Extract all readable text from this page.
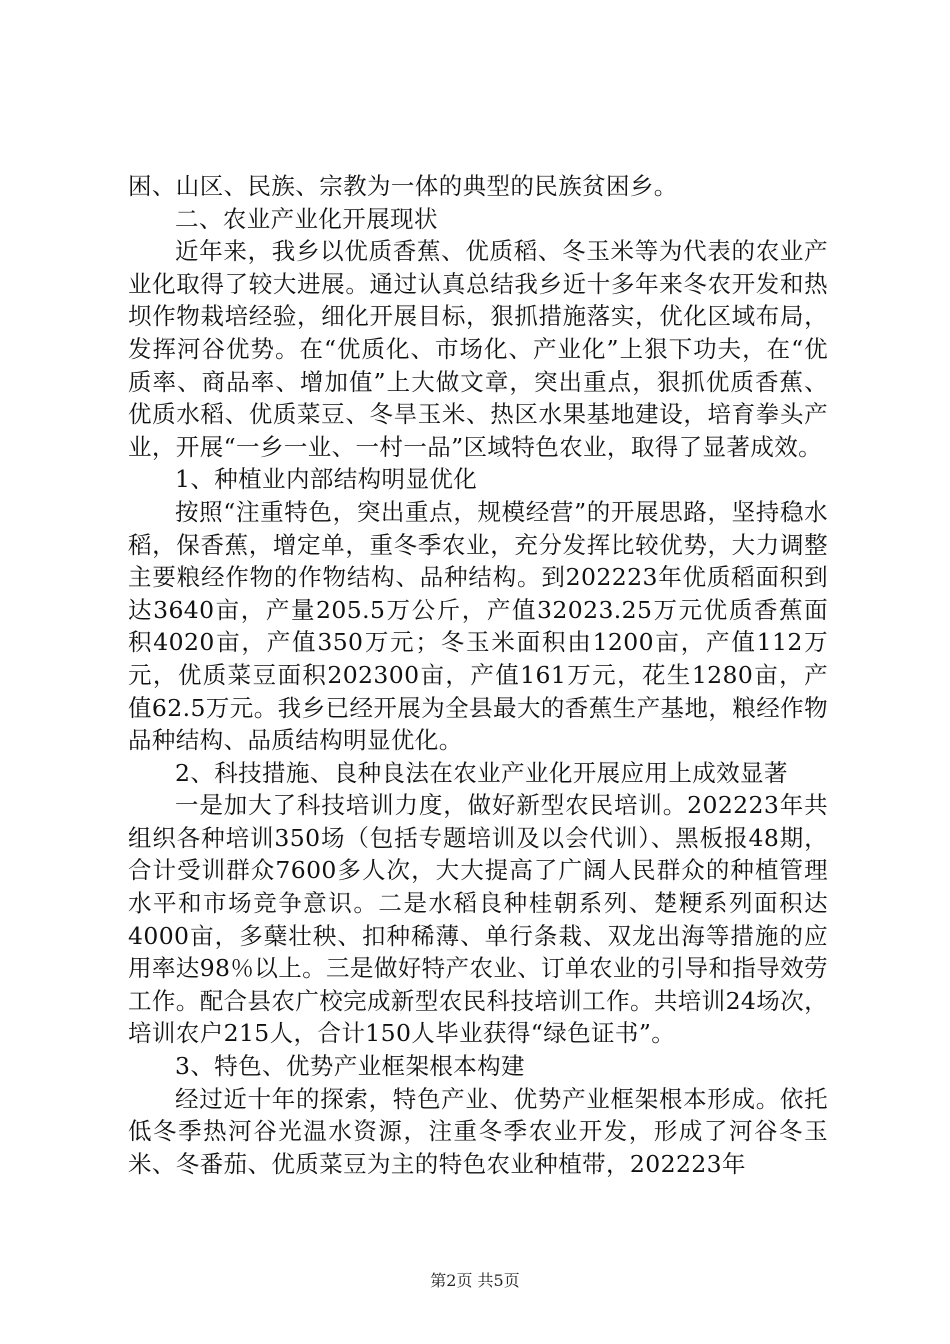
困、山区、民族、宗教为一体的典型的民族贫困乡。

二、农业产业化开展现状

近年来，我乡以优质香蕉、优质稻、冬玉米等为代表的农业产业化取得了较大进展。通过认真总结我乡近十多年来冬农开发和热坝作物栽培经验，细化开展目标，狠抓措施落实，优化区域布局，发挥河谷优势。在“优质化、市场化、产业化”上狠下功夫，在“优质率、商品率、增加值”上大做文章，突出重点，狠抓优质香蕉、优质水稻、优质菜豆、冬旱玉米、热区水果基地建设，培育拳头产业，开展“一乡一业、一村一品”区域特色农业，取得了显著成效。

1、种植业内部结构明显优化

按照“注重特色，突出重点，规模经营”的开展思路，坚持稳水稻，保香蕉，增定单，重冬季农业，充分发挥比较优势，大力调整主要粮经作物的作物结构、品种结构。到202223年优质稻面积到达3640亩，产量205.5万公斤，产值32023.25万元优质香蕉面积4020亩，产值350万元；冬玉米面积由1200亩，产值112万元，优质菜豆面积202300亩，产值161万元，花生1280亩，产值62.5万元。我乡已经开展为全县最大的香蕉生产基地，粮经作物品种结构、品质结构明显优化。

2、科技措施、良种良法在农业产业化开展应用上成效显著

一是加大了科技培训力度，做好新型农民培训。202223年共组织各种培训350场（包括专题培训及以会代训）、黑板报48期，合计受训群众7600多人次，大大提高了广阔人民群众的种植管理水平和市场竞争意识。二是水稻良种桂朝系列、楚粳系列面积达4000亩，多蘖壮秧、扣种稀薄、单行条栽、双龙出海等措施的应用率达98％以上。三是做好特产农业、订单农业的引导和指导效劳工作。配合县农广校完成新型农民科技培训工作。共培训24场次，培训农户215人，合计150人毕业获得“绿色证书”。

3、特色、优势产业框架根本构建

经过近十年的探索，特色产业、优势产业框架根本形成。依托低冬季热河谷光温水资源，注重冬季农业开发，形成了河谷冬玉米、冬番茄、优质菜豆为主的特色农业种植带，202223年

第2页 共5页
